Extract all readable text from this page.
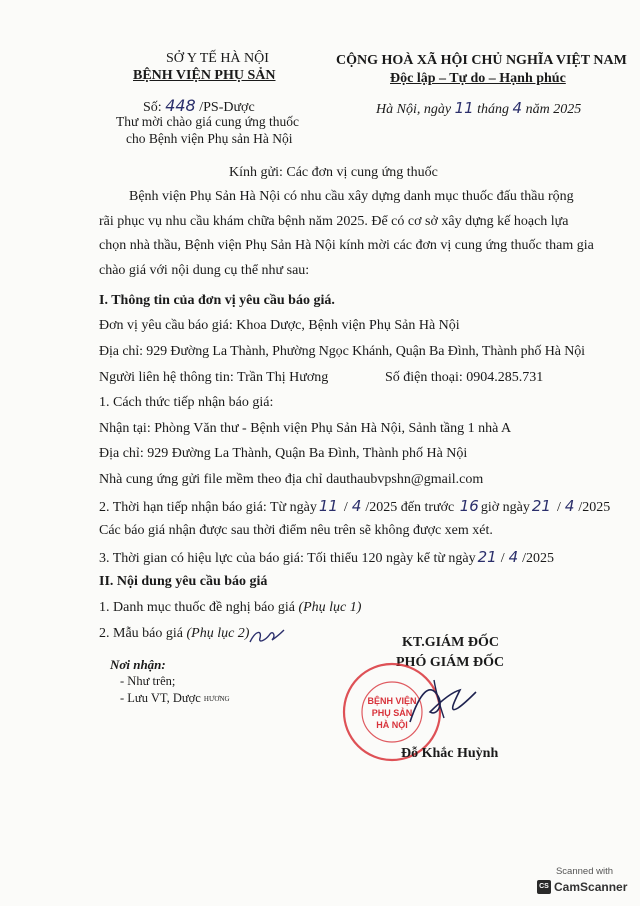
SỞ Y TẾ HÀ NỘI
BỆNH VIỆN PHỤ SẢN
Số: 448 /PS-Dược
Thư mời chào giá cung ứng thuốc
cho Bệnh viện Phụ sản Hà Nội
CỘNG HOÀ XÃ HỘI CHỦ NGHĨA VIỆT NAM
Độc lập – Tự do – Hạnh phúc
Hà Nội, ngày 11 tháng 4 năm 2025
Kính gửi: Các đơn vị cung ứng thuốc
Bệnh viện Phụ Sản Hà Nội có nhu cầu xây dựng danh mục thuốc đấu thầu rộng
rãi phục vụ nhu cầu khám chữa bệnh năm 2025. Để có cơ sở xây dựng kế hoạch lựa
chọn nhà thầu, Bệnh viện Phụ Sản Hà Nội kính mời các đơn vị cung ứng thuốc tham gia
chào giá với nội dung cụ thể như sau:
I. Thông tin của đơn vị yêu cầu báo giá.
Đơn vị yêu cầu báo giá: Khoa Dược, Bệnh viện Phụ Sản Hà Nội
Địa chỉ: 929 Đường La Thành, Phường Ngọc Khánh, Quận Ba Đình, Thành phố Hà Nội
Người liên hệ thông tin: Trần Thị Hương	Số điện thoại: 0904.285.731
1. Cách thức tiếp nhận báo giá:
Nhận tại: Phòng Văn thư - Bệnh viện Phụ Sản Hà Nội, Sảnh tầng 1 nhà A
Địa chỉ: 929 Đường La Thành, Quận Ba Đình, Thành phố Hà Nội
Nhà cung ứng gửi file mềm theo địa chỉ dauthaubvpshn@gmail.com
2. Thời hạn tiếp nhận báo giá: Từ ngày 11 / 4 /2025 đến trước 16 giờ ngày 21 / 4 /2025
Các báo giá nhận được sau thời điểm nêu trên sẽ không được xem xét.
3. Thời gian có hiệu lực của báo giá: Tối thiểu 120 ngày kể từ ngày 21 / 4 /2025
II. Nội dung yêu cầu báo giá
1. Danh mục thuốc đề nghị báo giá (Phụ lục 1)
2. Mẫu báo giá (Phụ lục 2)
Nơi nhận:
- Như trên;
- Lưu VT, Dược HƯƠNG
KT.GIÁM ĐỐC
PHÓ GIÁM ĐỐC
BỆNH VIỆN
PHỤ SẢN
HÀ NỘI
Đỗ Khắc Huỳnh
Scanned with
CS CamScanner
